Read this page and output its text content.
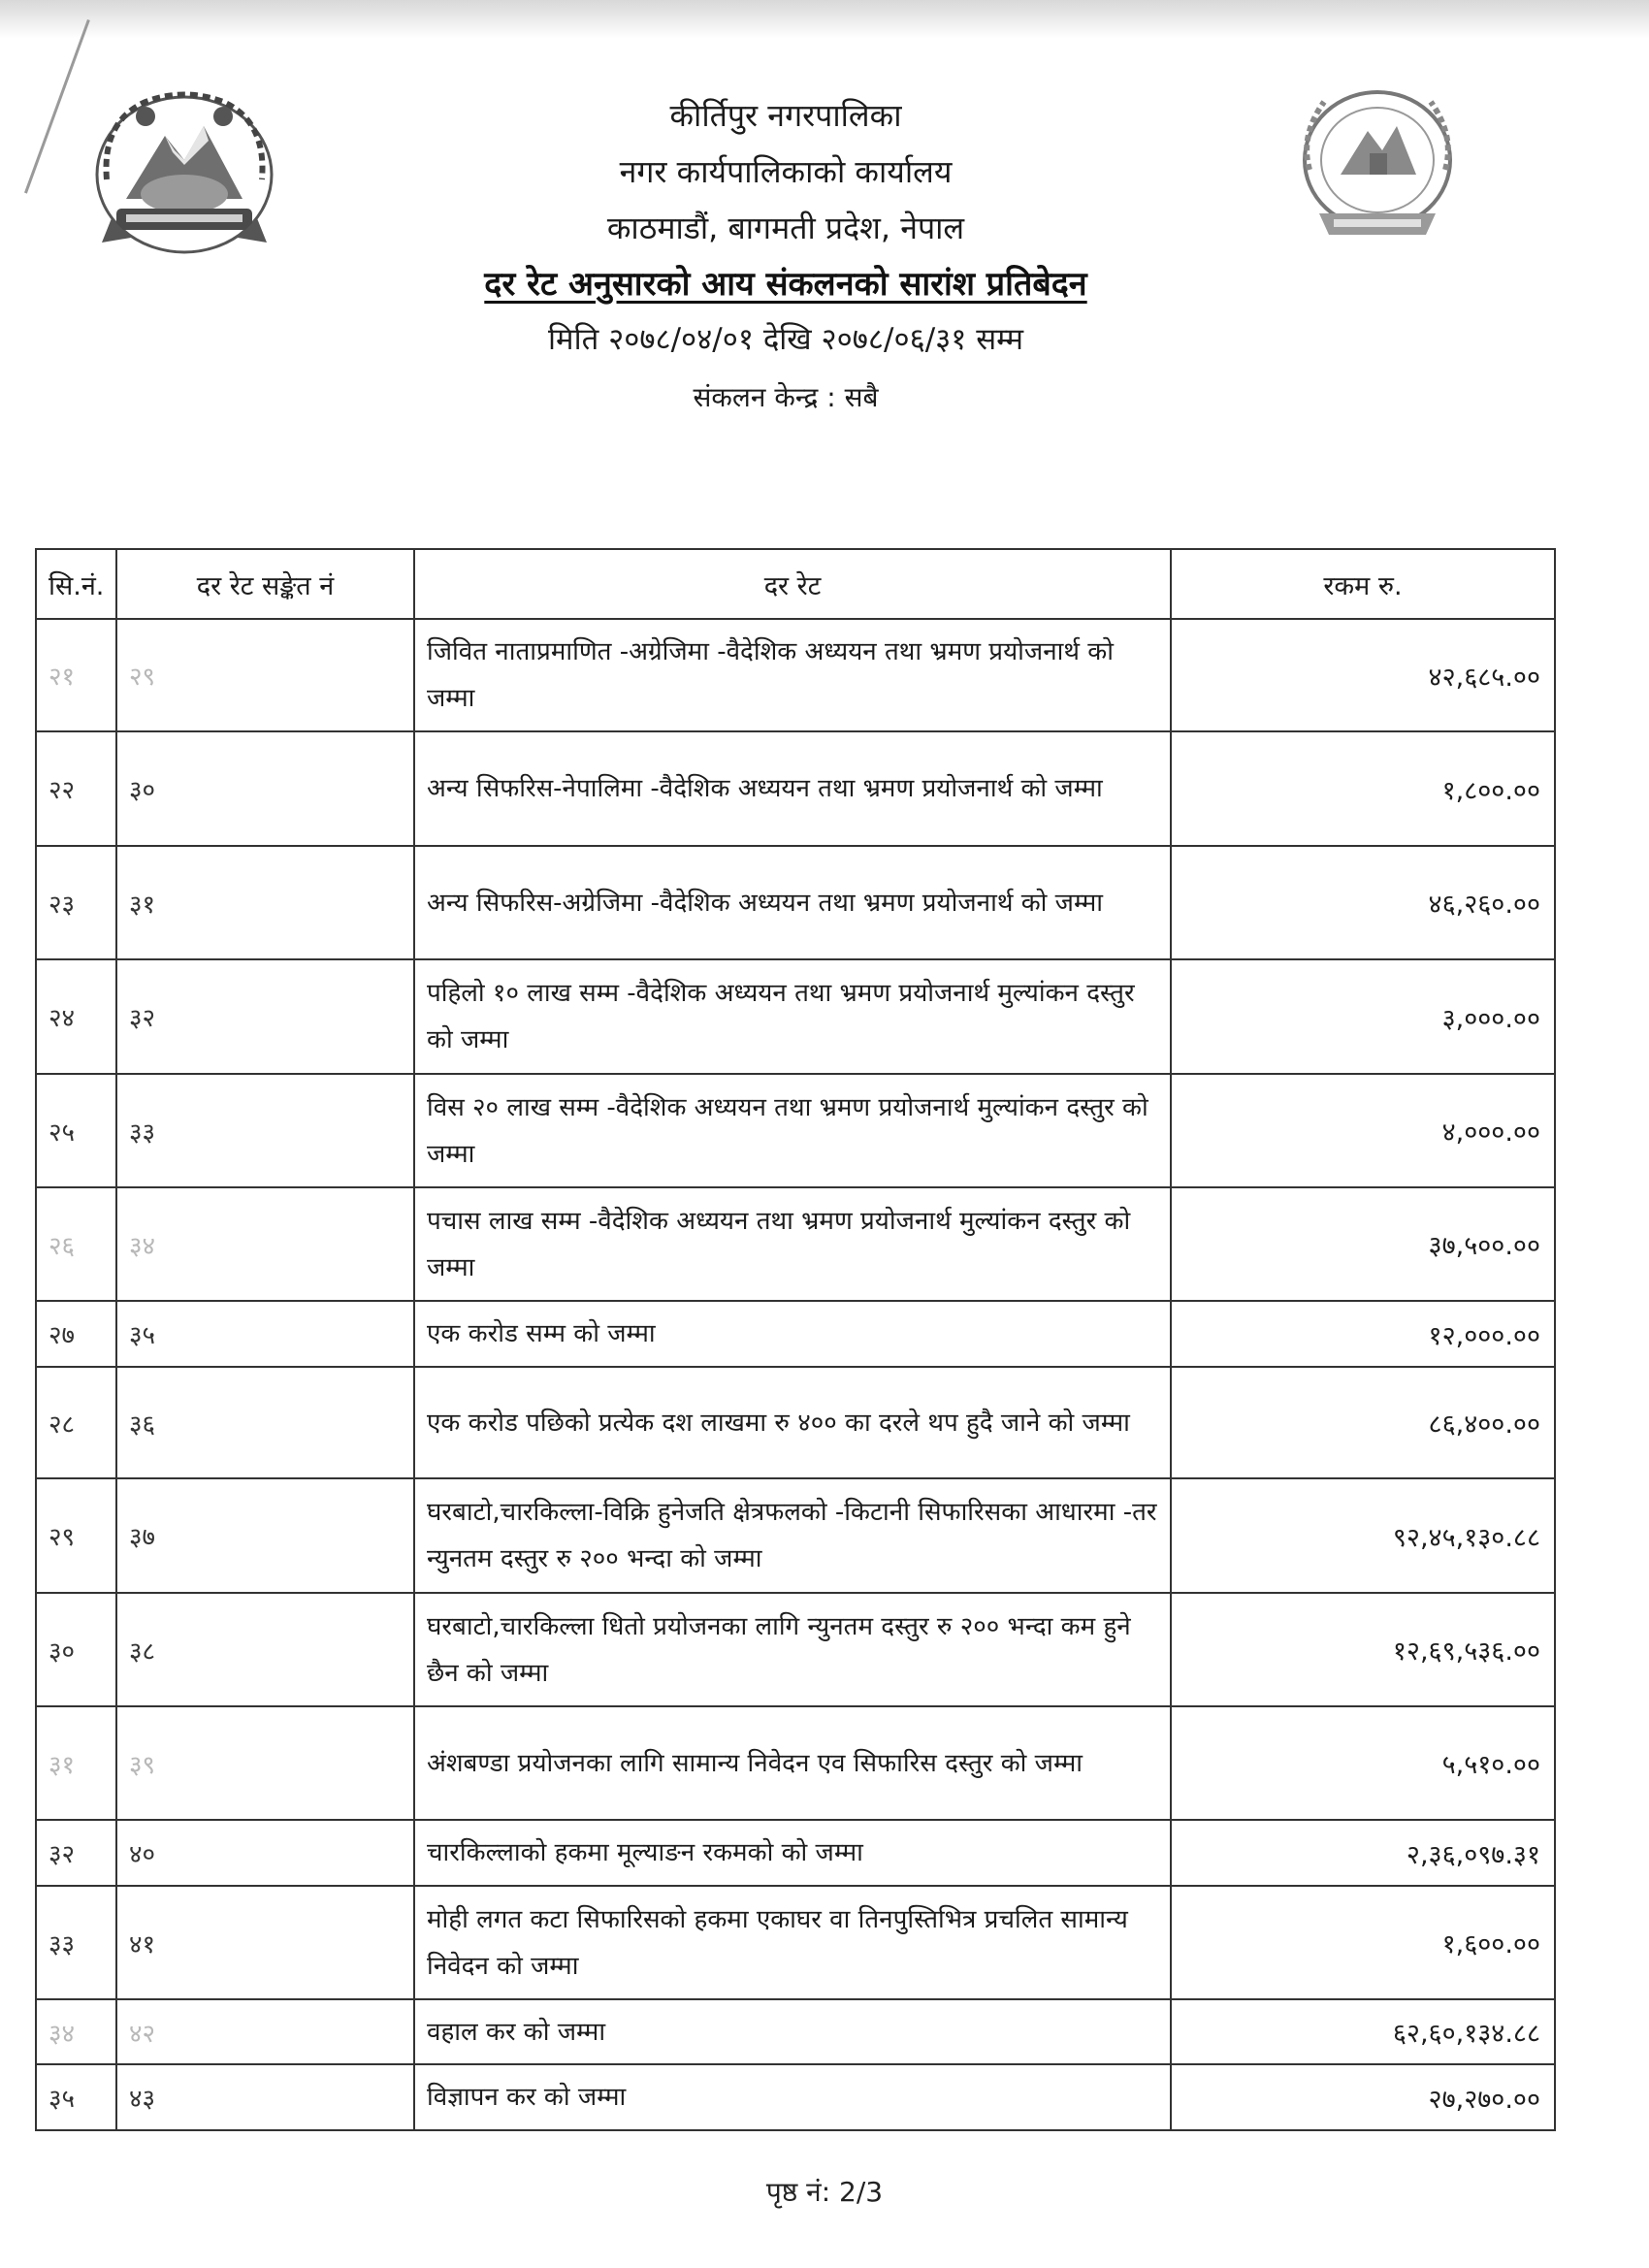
कीर्तिपुर नगरपालिका
नगर कार्यपालिकाको कार्यालय
काठमाडौं, बागमती प्रदेश, नेपाल
दर रेट अनुसारको आय संकलनको सारांश प्रतिबेदन
मिति २०७८/०४/०१ देखि २०७८/०६/३१ सम्म
संकलन केन्द्र : सबै
सि.नं.	दर रेट सङ्केत नं	दर रेट	रकम रु.
२१	२९	जिवित नाताप्रमाणित -अग्रेजिमा -वैदेशिक अध्ययन तथा भ्रमण प्रयोजनार्थ को जम्मा	४२,६८५.००
२२	३०	अन्य सिफरिस-नेपालिमा -वैदेशिक अध्ययन तथा भ्रमण प्रयोजनार्थ को जम्मा	१,८००.००
२३	३१	अन्य सिफरिस-अग्रेजिमा -वैदेशिक अध्ययन तथा भ्रमण प्रयोजनार्थ को जम्मा	४६,२६०.००
२४	३२	पहिलो १० लाख सम्म -वैदेशिक अध्ययन तथा भ्रमण प्रयोजनार्थ मुल्यांकन दस्तुर को जम्मा	३,०००.००
२५	३३	विस २० लाख सम्म -वैदेशिक अध्ययन तथा भ्रमण प्रयोजनार्थ मुल्यांकन दस्तुर को जम्मा	४,०००.००
२६	३४	पचास लाख सम्म -वैदेशिक अध्ययन तथा भ्रमण प्रयोजनार्थ मुल्यांकन दस्तुर को जम्मा	३७,५००.००
२७	३५	एक करोड सम्म को जम्मा	१२,०००.००
२८	३६	एक करोड पछिको प्रत्येक दश लाखमा रु ४०० का दरले थप हुदै जाने को जम्मा	८६,४००.००
२९	३७	घरबाटो,चारकिल्ला-विक्रि हुनेजति क्षेत्रफलको -किटानी सिफारिसका आधारमा -तर न्युनतम दस्तुर रु २०० भन्दा को जम्मा	९२,४५,१३०.८८
३०	३८	घरबाटो,चारकिल्ला धितो प्रयोजनका लागि न्युनतम दस्तुर रु २०० भन्दा कम हुने छैन को जम्मा	१२,६९,५३६.००
३१	३९	अंशबण्डा प्रयोजनका लागि सामान्य निवेदन एव सिफारिस दस्तुर को जम्मा	५,५१०.००
३२	४०	चारकिल्लाको हकमा मूल्याङन रकमको को जम्मा	२,३६,०९७.३१
३३	४१	मोही लगत कटा सिफारिसको हकमा एकाघर वा तिनपुस्तिभित्र प्रचलित सामान्य निवेदन को जम्मा	१,६००.००
३४	४२	वहाल कर को जम्मा	६२,६०,१३४.८८
३५	४३	विज्ञापन कर को जम्मा	२७,२७०.००
पृष्ठ नं: 2/3
